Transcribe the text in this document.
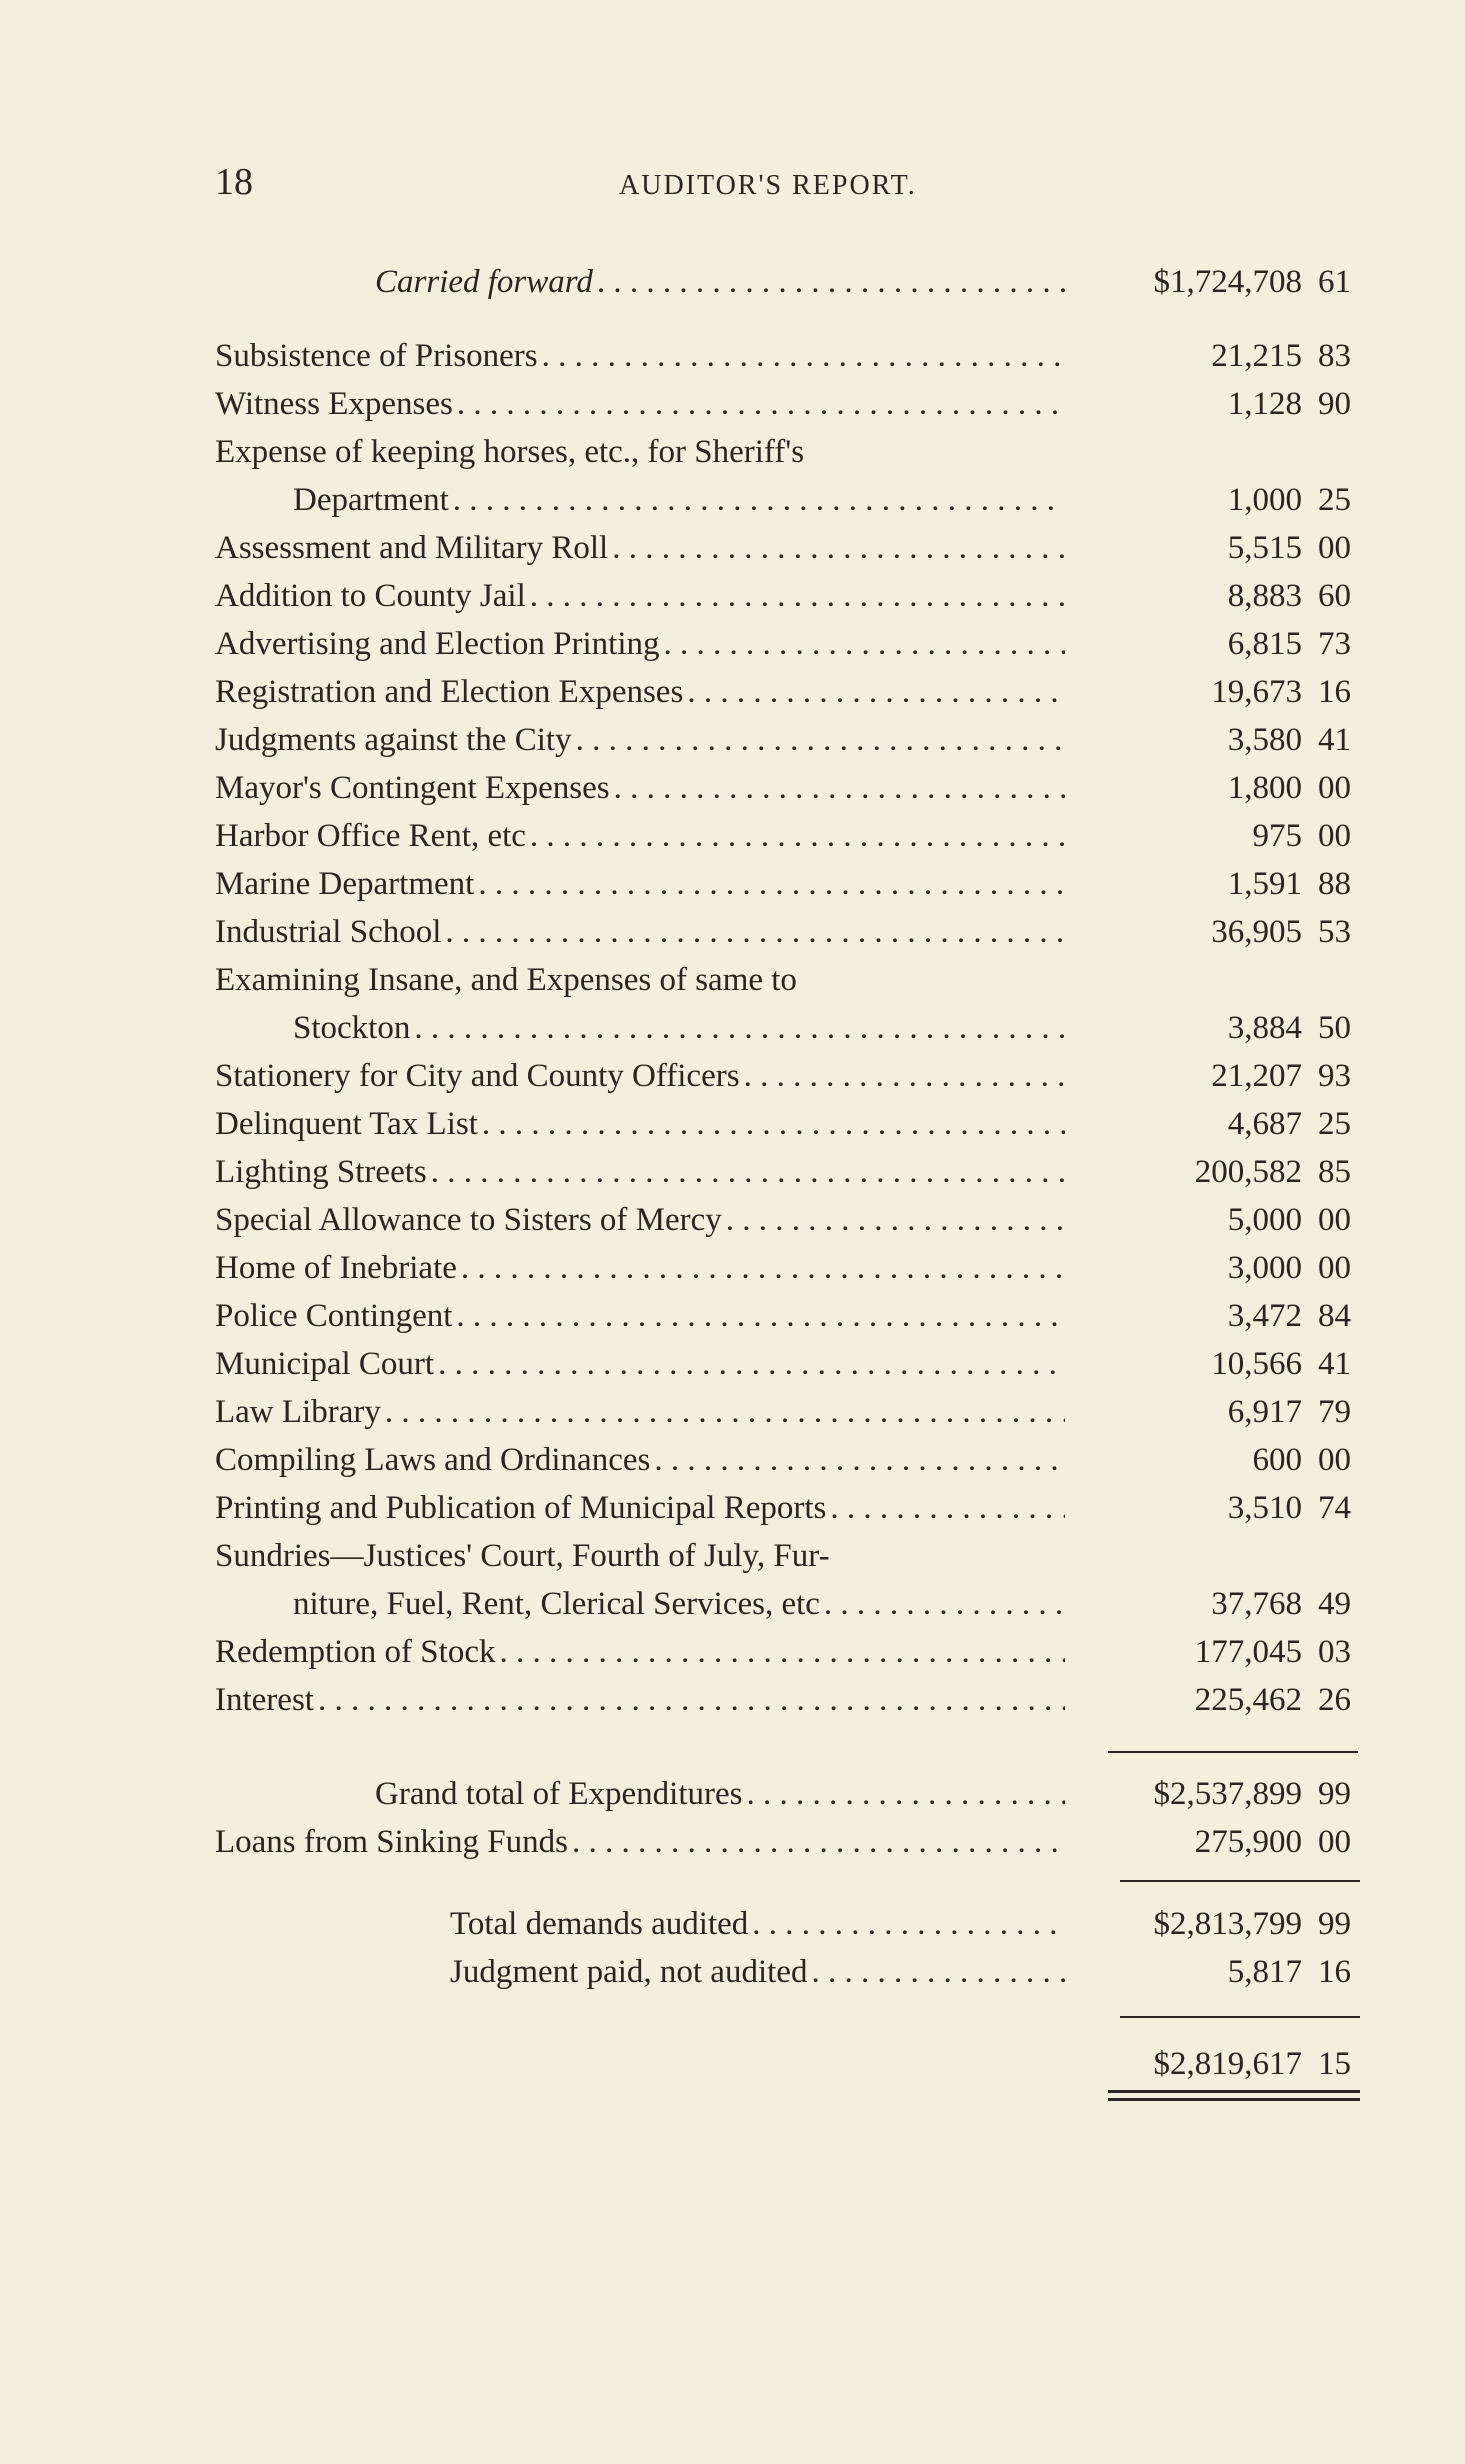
18	AUDITOR'S REPORT.
Carried forward . . .	$1,724,708 61
Subsistence of Prisoners . . .	21,215 83
Witness Expenses . . .	1,128 90
Expense of keeping horses, etc., for Sheriff's
Department . . .	1,000 25
Assessment and Military Roll . . .	5,515 00
Addition to County Jail . . .	8,883 60
Advertising and Election Printing . . .	6,815 73
Registration and Election Expenses . . .	19,673 16
Judgments against the City . . .	3,580 41
Mayor's Contingent Expenses . . .	1,800 00
Harbor Office Rent, etc . . .	975 00
Marine Department . . .	1,591 88
Industrial School . . .	36,905 53
Examining Insane, and Expenses of same to
Stockton . . .	3,884 50
Stationery for City and County Officers . . .	21,207 93
Delinquent Tax List . . .	4,687 25
Lighting Streets . . .	200,582 85
Special Allowance to Sisters of Mercy . . .	5,000 00
Home of Inebriate . . .	3,000 00
Police Contingent . . .	3,472 84
Municipal Court . . .	10,566 41
Law Library . . .	6,917 79
Compiling Laws and Ordinances . . .	600 00
Printing and Publication of Municipal Reports . . .	3,510 74
Sundries—Justices' Court, Fourth of July, Fur-
niture, Fuel, Rent, Clerical Services, etc . . .	37,768 49
Redemption of Stock . . .	177,045 03
Interest . . .	225,462 26
Grand total of Expenditures . . .	$2,537,899 99
Loans from Sinking Funds . . .	275,900 00
Total demands audited . . .	$2,813,799 99
Judgment paid, not audited . . .	5,817 16
$2,819,617 15
